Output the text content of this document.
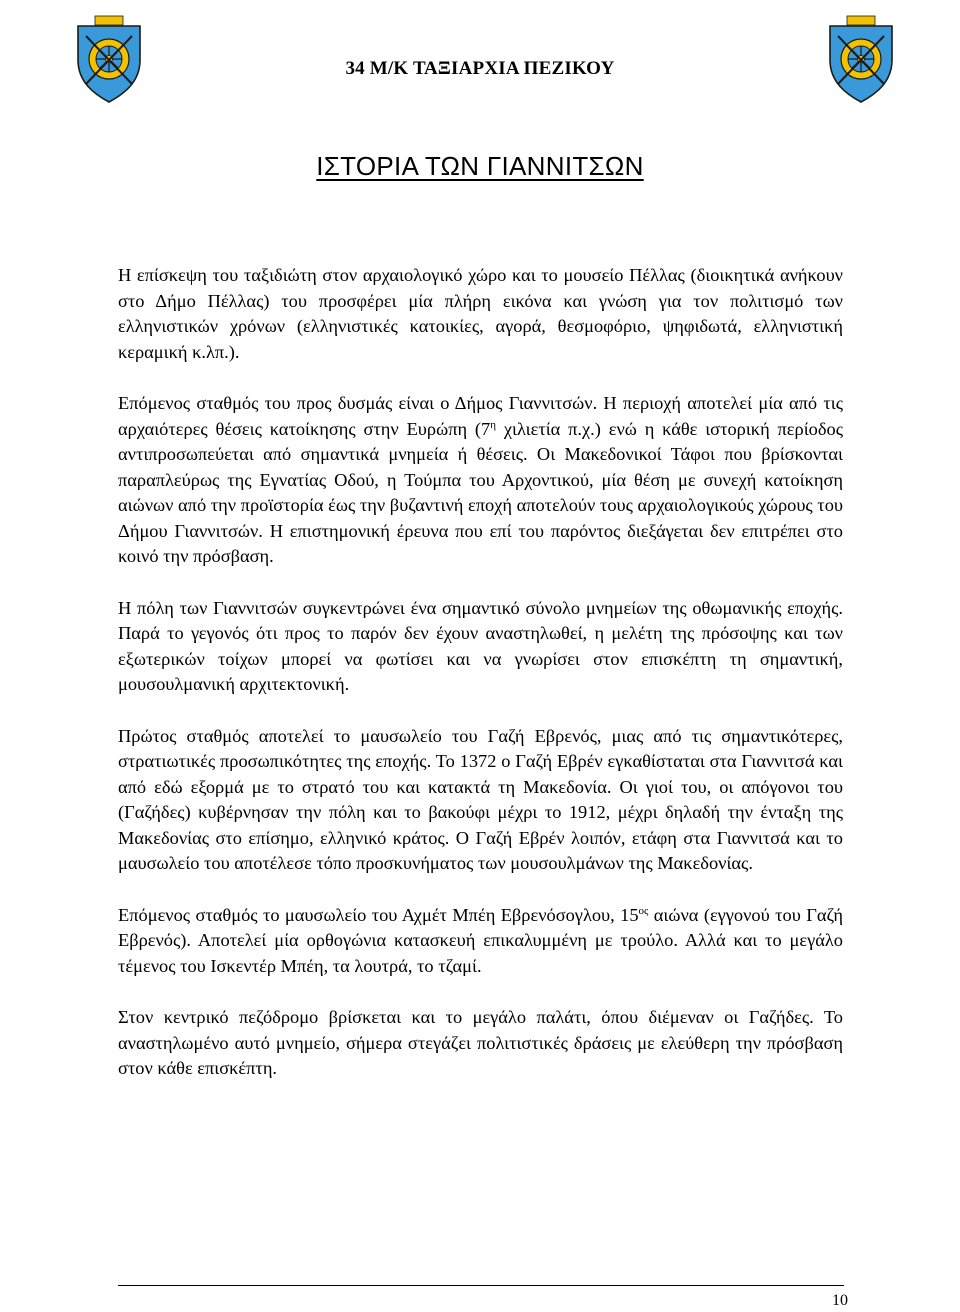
34 Μ/Κ ΤΑΞΙΑΡΧΙΑ ΠΕΖΙΚΟΥ
ΙΣΤΟΡΙΑ ΤΩΝ ΓΙΑΝΝΙΤΣΩΝ

Η επίσκεψη του ταξιδιώτη στον αρχαιολογικό χώρο και το μουσείο Πέλλας (διοικητικά ανήκουν στο Δήμο Πέλλας) του προσφέρει μία πλήρη εικόνα και γνώση για τον πολιτισμό των ελληνιστικών χρόνων (ελληνιστικές κατοικίες, αγορά, θεσμοφόριο, ψηφιδωτά, ελληνιστική κεραμική κ.λπ.).

Επόμενος σταθμός του προς δυσμάς είναι ο Δήμος Γιαννιτσών. Η περιοχή αποτελεί μία από τις αρχαιότερες θέσεις κατοίκησης στην Ευρώπη ($7^\eta$ χιλιετία π.χ.) ενώ η κάθε ιστορική περίοδος αντιπροσωπεύεται από σημαντικά μνημεία ή θέσεις. Οι Μακεδονικοί Τάφοι που βρίσκονται παραπλεύρως της Εγνατίας Οδού, η Τούμπα του Αρχοντικού, μία θέση με συνεχή κατοίκηση αιώνων από την προϊστορία έως την βυζαντινή εποχή αποτελούν τους αρχαιολογικούς χώρους του Δήμου Γιαννιτσών. Η επιστημονική έρευνα που επί του παρόντος διεξάγεται δεν επιτρέπει στο κοινό την πρόσβαση.

Η πόλη των Γιαννιτσών συγκεντρώνει ένα σημαντικό σύνολο μνημείων της οθωμανικής εποχής. Παρά το γεγονός ότι προς το παρόν δεν έχουν αναστηλωθεί, η μελέτη της πρόσοψης και των εξωτερικών τοίχων μπορεί να φωτίσει και να γνωρίσει στον επισκέπτη τη σημαντική, μουσουλμανική αρχιτεκτονική.

Πρώτος σταθμός αποτελεί το μαυσωλείο του Γαζή Εβρενός, μιας από τις σημαντικότερες, στρατιωτικές προσωπικότητες της εποχής. Το 1372 ο Γαζή Εβρέν εγκαθίσταται στα Γιαννιτσά και από εδώ εξορμά με το στρατό του και κατακτά τη Μακεδονία. Οι γιοί του, οι απόγονοι του (Γαζήδες) κυβέρνησαν την πόλη και το βακούφι μέχρι το 1912, μέχρι δηλαδή την ένταξη της Μακεδονίας στο επίσημο, ελληνικό κράτος. Ο Γαζή Εβρέν λοιπόν, ετάφη στα Γιαννιτσά και το μαυσωλείο του αποτέλεσε τόπο προσκυνήματος των μουσουλμάνων της Μακεδονίας.

Επόμενος σταθμός το μαυσωλείο του Αχμέτ Μπέη Εβρενόσογλου, $15^{o\varsigma}$ αιώνα (εγγονού του Γαζή Εβρενός). Αποτελεί μία ορθογώνια κατασκευή επικαλυμμένη με τρούλο. Αλλά και το μεγάλο τέμενος του Ισκεντέρ Μπέη, τα λουτρά, το τζαμί.

Στον κεντρικό πεζόδρομο βρίσκεται και το μεγάλο παλάτι, όπου διέμεναν οι Γαζήδες. Το αναστηλωμένο αυτό μνημείο, σήμερα στεγάζει πολιτιστικές δράσεις με ελεύθερη την πρόσβαση στον κάθε επισκέπτη.

10
